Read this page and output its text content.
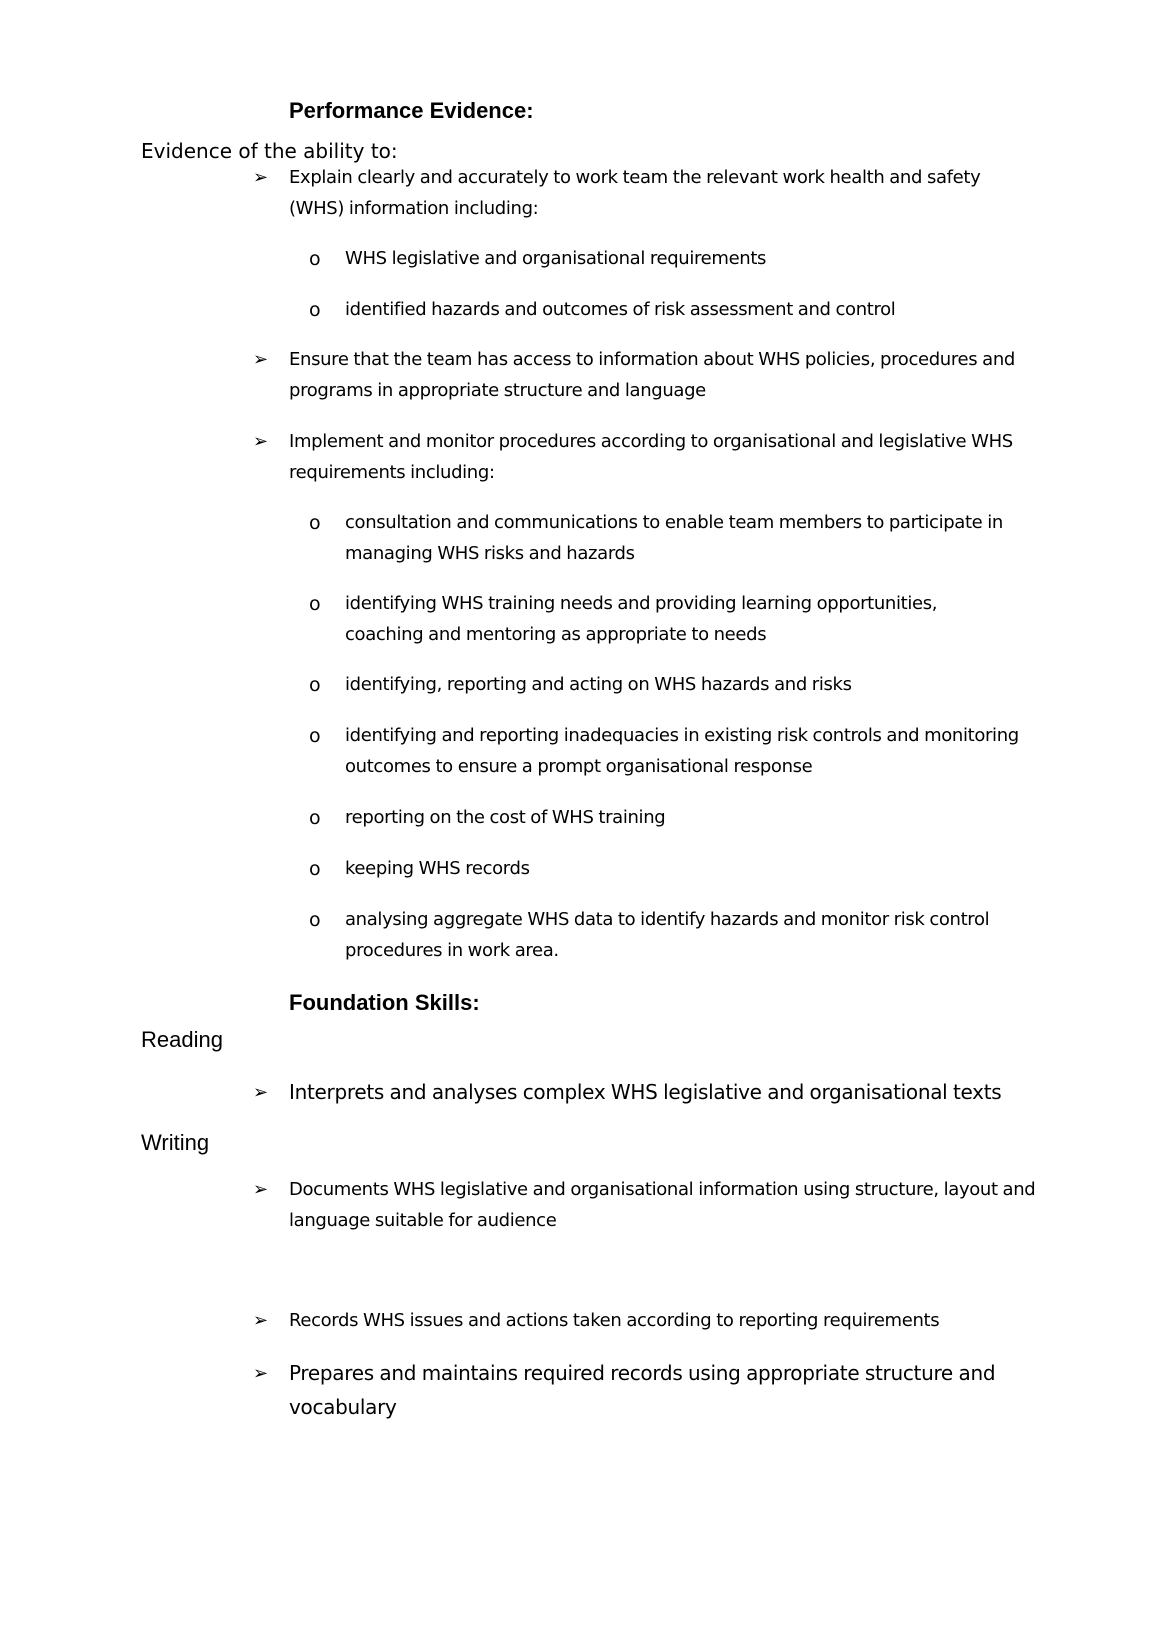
Performance Evidence:

Evidence of the ability to:

➢ Explain clearly and accurately to work team the relevant work health and safety (WHS) information including:
o WHS legislative and organisational requirements
o identified hazards and outcomes of risk assessment and control
➢ Ensure that the team has access to information about WHS policies, procedures and programs in appropriate structure and language
➢ Implement and monitor procedures according to organisational and legislative WHS requirements including:
o consultation and communications to enable team members to participate in managing WHS risks and hazards
o identifying WHS training needs and providing learning opportunities, coaching and mentoring as appropriate to needs
o identifying, reporting and acting on WHS hazards and risks
o identifying and reporting inadequacies in existing risk controls and monitoring outcomes to ensure a prompt organisational response
o reporting on the cost of WHS training
o keeping WHS records
o analysing aggregate WHS data to identify hazards and monitor risk control procedures in work area.
Foundation Skills:

Reading

➢ Interprets and analyses complex WHS legislative and organisational texts

Writing

➢ Documents WHS legislative and organisational information using structure, layout and language suitable for audience
➢ Records WHS issues and actions taken according to reporting requirements
➢ Prepares and maintains required records using appropriate structure and vocabulary
